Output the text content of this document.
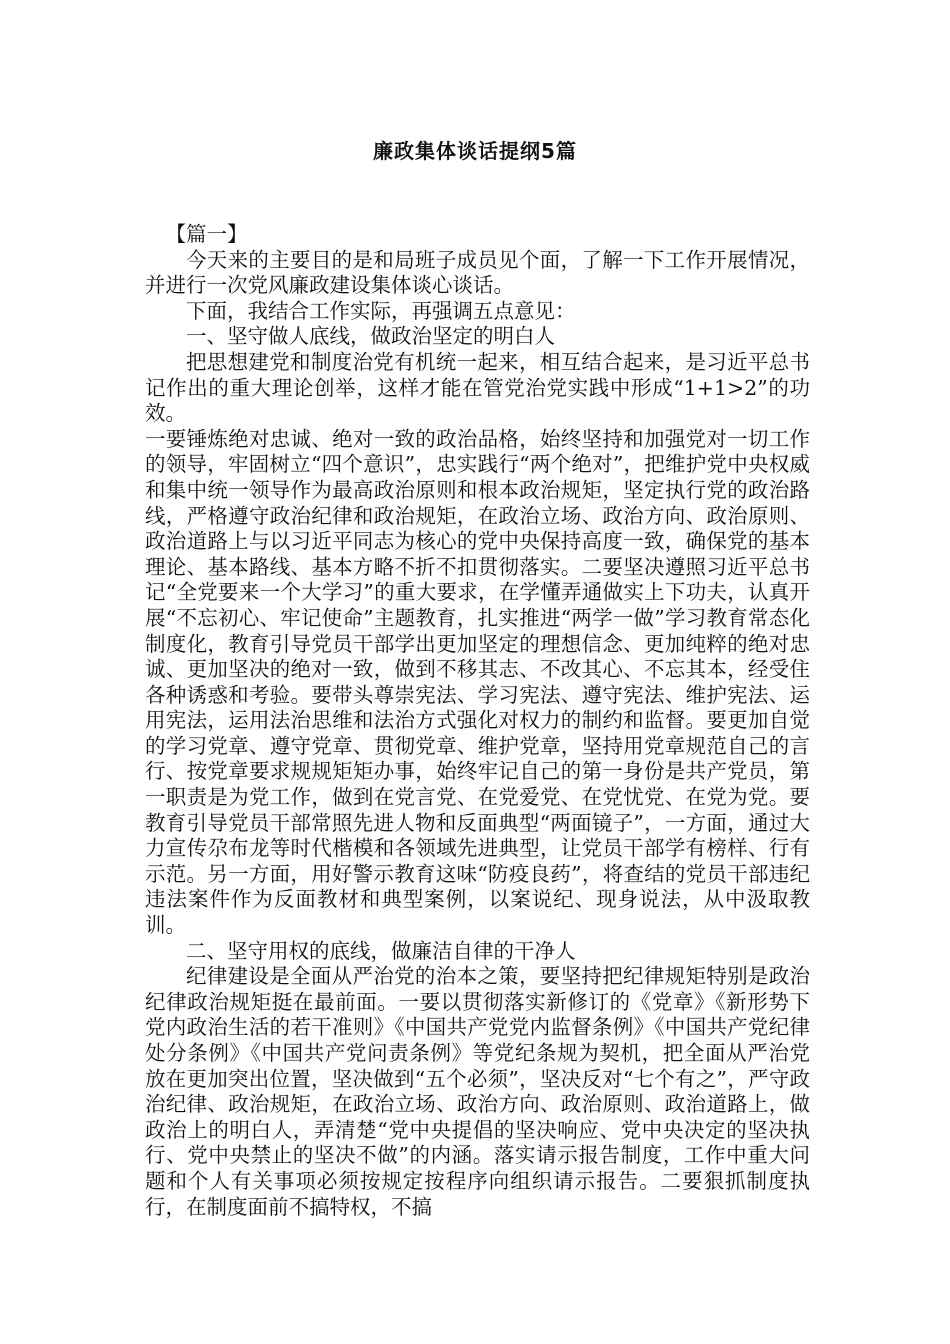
廉政集体谈话提纲5篇

【篇一】

今天来的主要目的是和局班子成员见个面，了解一下工作开展情况，并进行一次党风廉政建设集体谈心谈话。

下面，我结合工作实际，再强调五点意见：

一、坚守做人底线，做政治坚定的明白人

把思想建党和制度治党有机统一起来，相互结合起来，是习近平总书记作出的重大理论创举，这样才能在管党治党实践中形成“1+1>2”的功效。

一要锤炼绝对忠诚、绝对一致的政治品格，始终坚持和加强党对一切工作的领导，牢固树立“四个意识”，忠实践行“两个绝对”，把维护党中央权威和集中统一领导作为最高政治原则和根本政治规矩，坚定执行党的政治路线，严格遵守政治纪律和政治规矩，在政治立场、政治方向、政治原则、政治道路上与以习近平同志为核心的党中央保持高度一致，确保党的基本理论、基本路线、基本方略不折不扣贯彻落实。二要坚决遵照习近平总书记“全党要来一个大学习”的重大要求，在学懂弄通做实上下功夫，认真开展“不忘初心、牢记使命”主题教育，扎实推进“两学一做”学习教育常态化制度化，教育引导党员干部学出更加坚定的理想信念、更加纯粹的绝对忠诚、更加坚决的绝对一致，做到不移其志、不改其心、不忘其本，经受住各种诱惑和考验。要带头尊崇宪法、学习宪法、遵守宪法、维护宪法、运用宪法，运用法治思维和法治方式强化对权力的制约和监督。要更加自觉的学习党章、遵守党章、贯彻党章、维护党章，坚持用党章规范自己的言行、按党章要求规规矩矩办事，始终牢记自己的第一身份是共产党员，第一职责是为党工作，做到在党言党、在党爱党、在党忧党、在党为党。要教育引导党员干部常照先进人物和反面典型“两面镜子”，一方面，通过大力宣传尕布龙等时代楷模和各领域先进典型，让党员干部学有榜样、行有示范。另一方面，用好警示教育这味“防疫良药”，将查结的党员干部违纪违法案件作为反面教材和典型案例，以案说纪、现身说法，从中汲取教训。

二、坚守用权的底线，做廉洁自律的干净人

纪律建设是全面从严治党的治本之策，要坚持把纪律规矩特别是政治纪律政治规矩挺在最前面。一要以贯彻落实新修订的《党章》《新形势下党内政治生活的若干准则》《中国共产党党内监督条例》《中国共产党纪律处分条例》《中国共产党问责条例》等党纪条规为契机，把全面从严治党放在更加突出位置，坚决做到“五个必须”，坚决反对“七个有之”，严守政治纪律、政治规矩，在政治立场、政治方向、政治原则、政治道路上，做政治上的明白人，弄清楚“党中央提倡的坚决响应、党中央决定的坚决执行、党中央禁止的坚决不做”的内涵。落实请示报告制度，工作中重大问题和个人有关事项必须按规定按程序向组织请示报告。二要狠抓制度执行，在制度面前不搞特权，不搞
